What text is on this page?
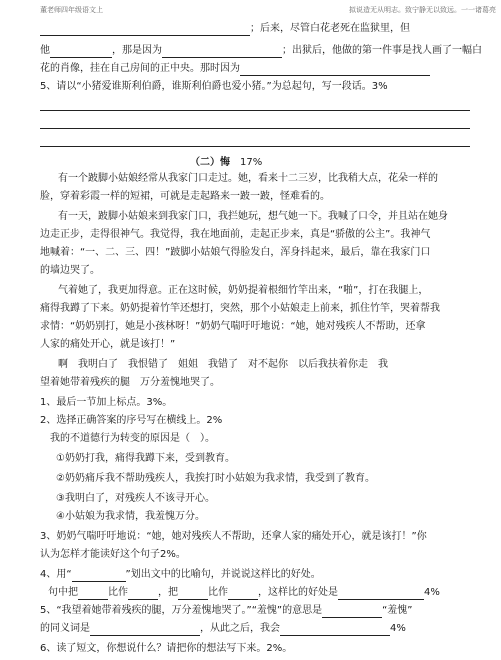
董老师四年级语文上	拟说造无从明志。致宁静无以致远。一一诸葛亮
；后来，尽管白花老死在监狱里，但
他	，那是因为	；出狱后，他做的第一件事是找人画了一幅白
花的肖像，挂在自己房间的正中央。那时因为
5、请以“小猪爱谁斯利伯爵，谁斯利伯爵也爱小猪。”为总起句，写一段话。3%
（二）悔 17%
有一个跛脚小姑娘经常从我家门口走过。她，看来十二三岁，比我稍大点，花朵一样的
脸，穿着彩霞一样的短裙，可就是走起路来一跛一跛，怪难看的。
有一天，跛脚小姑娘来到我家门口，我拦她玩，想气她一下。我喊了口令，并且站在她身
边走正步，走得很神气。我觉得，我在地面前，走起正步来，真是“骄傲的公主”。我神气
地喊着：“一、二、三、四！”跛脚小姑娘气得脸发白，浑身抖起来，最后，靠在我家门口
的墙边哭了。
气着她了，我更加得意。正在这时候，奶奶提着根细竹竿出来，“啪”，打在我腿上，
痛得我蹲了下来。奶奶提着竹竿还想打，突然，那个小姑娘走上前来，抓住竹竿，哭着帮我
求情：“奶奶别打，她是小孩林呀！”奶奶气喘吁吁地说：“她，她对残疾人不帮助，还拿
人家的痛处开心，就是该打！”
啊　我明白了　我恨错了　姐姐　我错了　对不起你　以后我扶着你走　我
望着她带着残疾的腿　万分羞愧地哭了。
1、最后一节加上标点。3%。
2、选择正确答案的序号写在横线上。2%
我的不道德行为转变的原因是（　）。
①奶奶打我，痛得我蹲下来，受到教育。
②奶奶痛斥我不帮助残疾人，我挨打时小姑娘为我求情，我受到了教育。
③我明白了，对残疾人不该寻开心。
④小姑娘为我求情，我羞愧万分。
3、奶奶气喘吁吁地说：“她，她对残疾人不帮助，还拿人家的痛处开心，就是该打！”你
认为怎样才能读好这个句子2%。
4、用“	”划出文中的比喻句，并说说这样比的好处。
句中把	比作	，把	比作	，这样比的好处是	4%
5、“我望着她带着残疾的腿，万分羞愧地哭了。”“羞愧”的意思是	“羞愧”
的同义词是	，从此之后，我会	4%
6、读了短文，你想说什么？请把你的想法写下来。2%。
